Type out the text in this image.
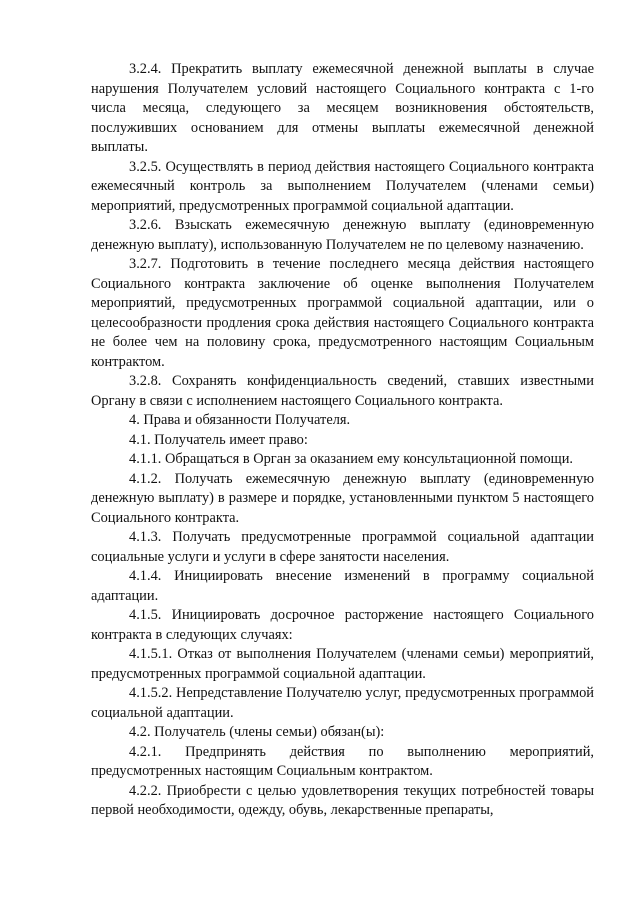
3.2.4. Прекратить выплату ежемесячной денежной выплаты в случае нарушения Получателем условий настоящего Социального контракта с 1-го числа месяца, следующего за месяцем возникновения обстоятельств, послуживших основанием для отмены выплаты ежемесячной денежной выплаты.

3.2.5. Осуществлять в период действия настоящего Социального контракта ежемесячный контроль за выполнением Получателем (членами семьи) мероприятий, предусмотренных программой социальной адаптации.

3.2.6. Взыскать ежемесячную денежную выплату (единовременную денежную выплату), использованную Получателем не по целевому назначению.

3.2.7. Подготовить в течение последнего месяца действия настоящего Социального контракта заключение об оценке выполнения Получателем мероприятий, предусмотренных программой социальной адаптации, или о целесообразности продления срока действия настоящего Социального контракта не более чем на половину срока, предусмотренного настоящим Социальным контрактом.

3.2.8. Сохранять конфиденциальность сведений, ставших известными Органу в связи с исполнением настоящего Социального контракта.

4. Права и обязанности Получателя.

4.1. Получатель имеет право:

4.1.1. Обращаться в Орган за оказанием ему консультационной помощи.

4.1.2. Получать ежемесячную денежную выплату (единовременную денежную выплату) в размере и порядке, установленными пунктом 5 настоящего Социального контракта.

4.1.3. Получать предусмотренные программой социальной адаптации социальные услуги и услуги в сфере занятости населения.

4.1.4. Инициировать внесение изменений в программу социальной адаптации.

4.1.5. Инициировать досрочное расторжение настоящего Социального контракта в следующих случаях:

4.1.5.1. Отказ от выполнения Получателем (членами семьи) мероприятий, предусмотренных программой социальной адаптации.

4.1.5.2. Непредставление Получателю услуг, предусмотренных программой социальной адаптации.

4.2. Получатель (члены семьи) обязан(ы):

4.2.1. Предпринять действия по выполнению мероприятий, предусмотренных настоящим Социальным контрактом.

4.2.2. Приобрести с целью удовлетворения текущих потребностей товары первой необходимости, одежду, обувь, лекарственные препараты,
